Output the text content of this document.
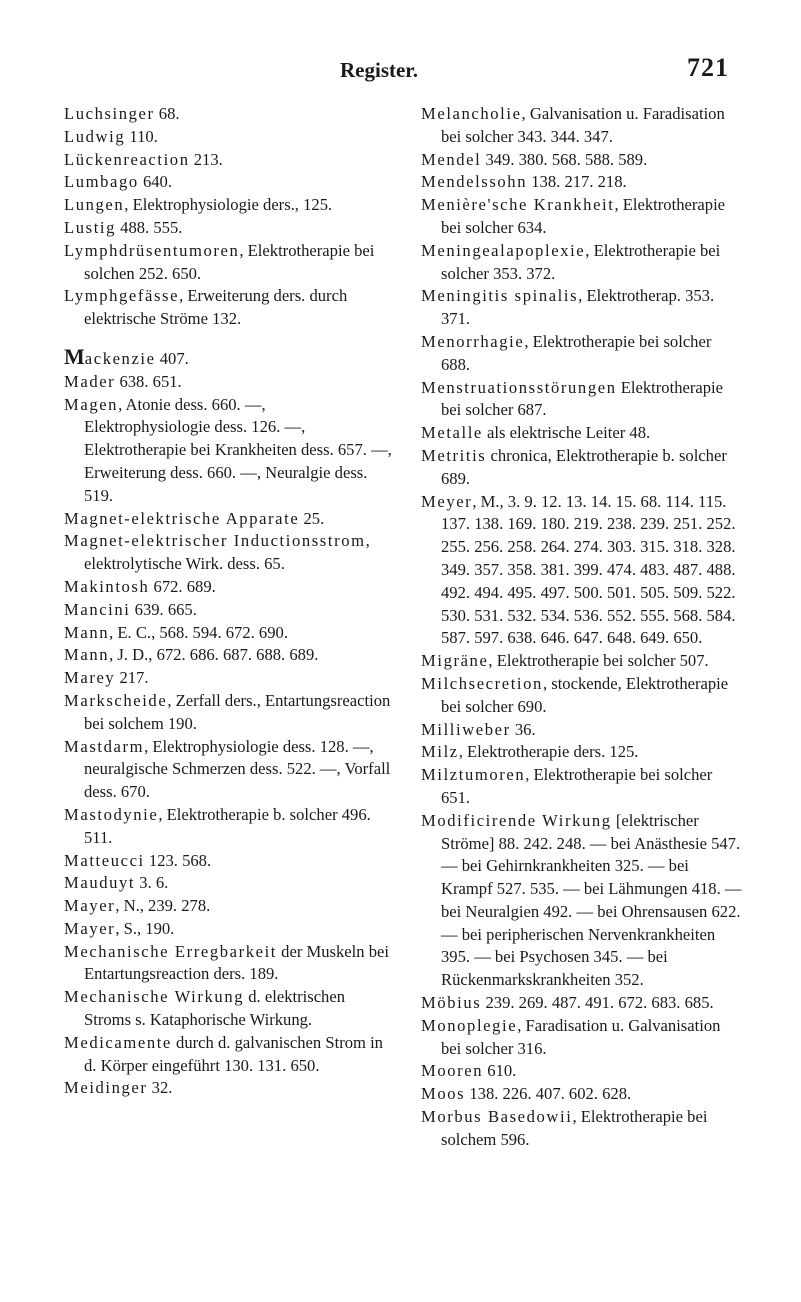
Register.	721

Luchsinger 68.

Ludwig 110.

Lückenreaction 213.

Lumbago 640.

Lungen, Elektrophysiologie ders., 125.

Lustig 488. 555.

Lymphdrüsentumoren, Elektrotherapie bei solchen 252. 650.

Lymphgefässe, Erweiterung ders. durch elektrische Ströme 132.

Mackenzie 407.

Mader 638. 651.

Magen, Atonie dess. 660. —, Elektrophysiologie dess. 126. —, Elektrotherapie bei Krankheiten dess. 657. —, Erweiterung dess. 660. —, Neuralgie dess. 519.

Magnet-elektrische Apparate 25.

Magnet-elektrischer Inductionsstrom, elektrolytische Wirk. dess. 65.

Makintosh 672. 689.

Mancini 639. 665.

Mann, E. C., 568. 594. 672. 690.

Mann, J. D., 672. 686. 687. 688. 689.

Marey 217.

Markscheide, Zerfall ders., Entartungsreaction bei solchem 190.

Mastdarm, Elektrophysiologie dess. 128. —, neuralgische Schmerzen dess. 522. —, Vorfall dess. 670.

Mastodynie, Elektrotherapie b. solcher 496. 511.

Matteucci 123. 568.

Mauduyt 3. 6.

Mayer, N., 239. 278.

Mayer, S., 190.

Mechanische Erregbarkeit der Muskeln bei Entartungsreaction ders. 189.

Mechanische Wirkung d. elektrischen Stroms s. Kataphorische Wirkung.

Medicamente durch d. galvanischen Strom in d. Körper eingeführt 130. 131. 650.

Meidinger 32.

Melancholie, Galvanisation u. Faradisation bei solcher 343. 344. 347.

Mendel 349. 380. 568. 588. 589.

Mendelssohn 138. 217. 218.

Menière'sche Krankheit, Elektrotherapie bei solcher 634.

Meningealapoplexie, Elektrotherapie bei solcher 353. 372.

Meningitis spinalis, Elektrotherap. 353. 371.

Menorrhagie, Elektrotherapie bei solcher 688.

Menstruationsstörungen Elektrotherapie bei solcher 687.

Metalle als elektrische Leiter 48.

Metritis chronica, Elektrotherapie b. solcher 689.

Meyer, M., 3. 9. 12. 13. 14. 15. 68. 114. 115. 137. 138. 169. 180. 219. 238. 239. 251. 252. 255. 256. 258. 264. 274. 303. 315. 318. 328. 349. 357. 358. 381. 399. 474. 483. 487. 488. 492. 494. 495. 497. 500. 501. 505. 509. 522. 530. 531. 532. 534. 536. 552. 555. 568. 584. 587. 597. 638. 646. 647. 648. 649. 650.

Migräne, Elektrotherapie bei solcher 507.

Milchsecretion, stockende, Elektrotherapie bei solcher 690.

Milliweber 36.

Milz, Elektrotherapie ders. 125.

Milztumoren, Elektrotherapie bei solcher 651.

Modificirende Wirkung [elektrischer Ströme] 88. 242. 248. — bei Anästhesie 547. — bei Gehirnkrankheiten 325. — bei Krampf 527. 535. — bei Lähmungen 418. — bei Neuralgien 492. — bei Ohrensausen 622. — bei peripherischen Nervenkrankheiten 395. — bei Psychosen 345. — bei Rückenmarkskrankheiten 352.

Möbius 239. 269. 487. 491. 672. 683. 685.

Monoplegie, Faradisation u. Galvanisation bei solcher 316.

Mooren 610.

Moos 138. 226. 407. 602. 628.

Morbus Basedowii, Elektrotherapie bei solchem 596.
